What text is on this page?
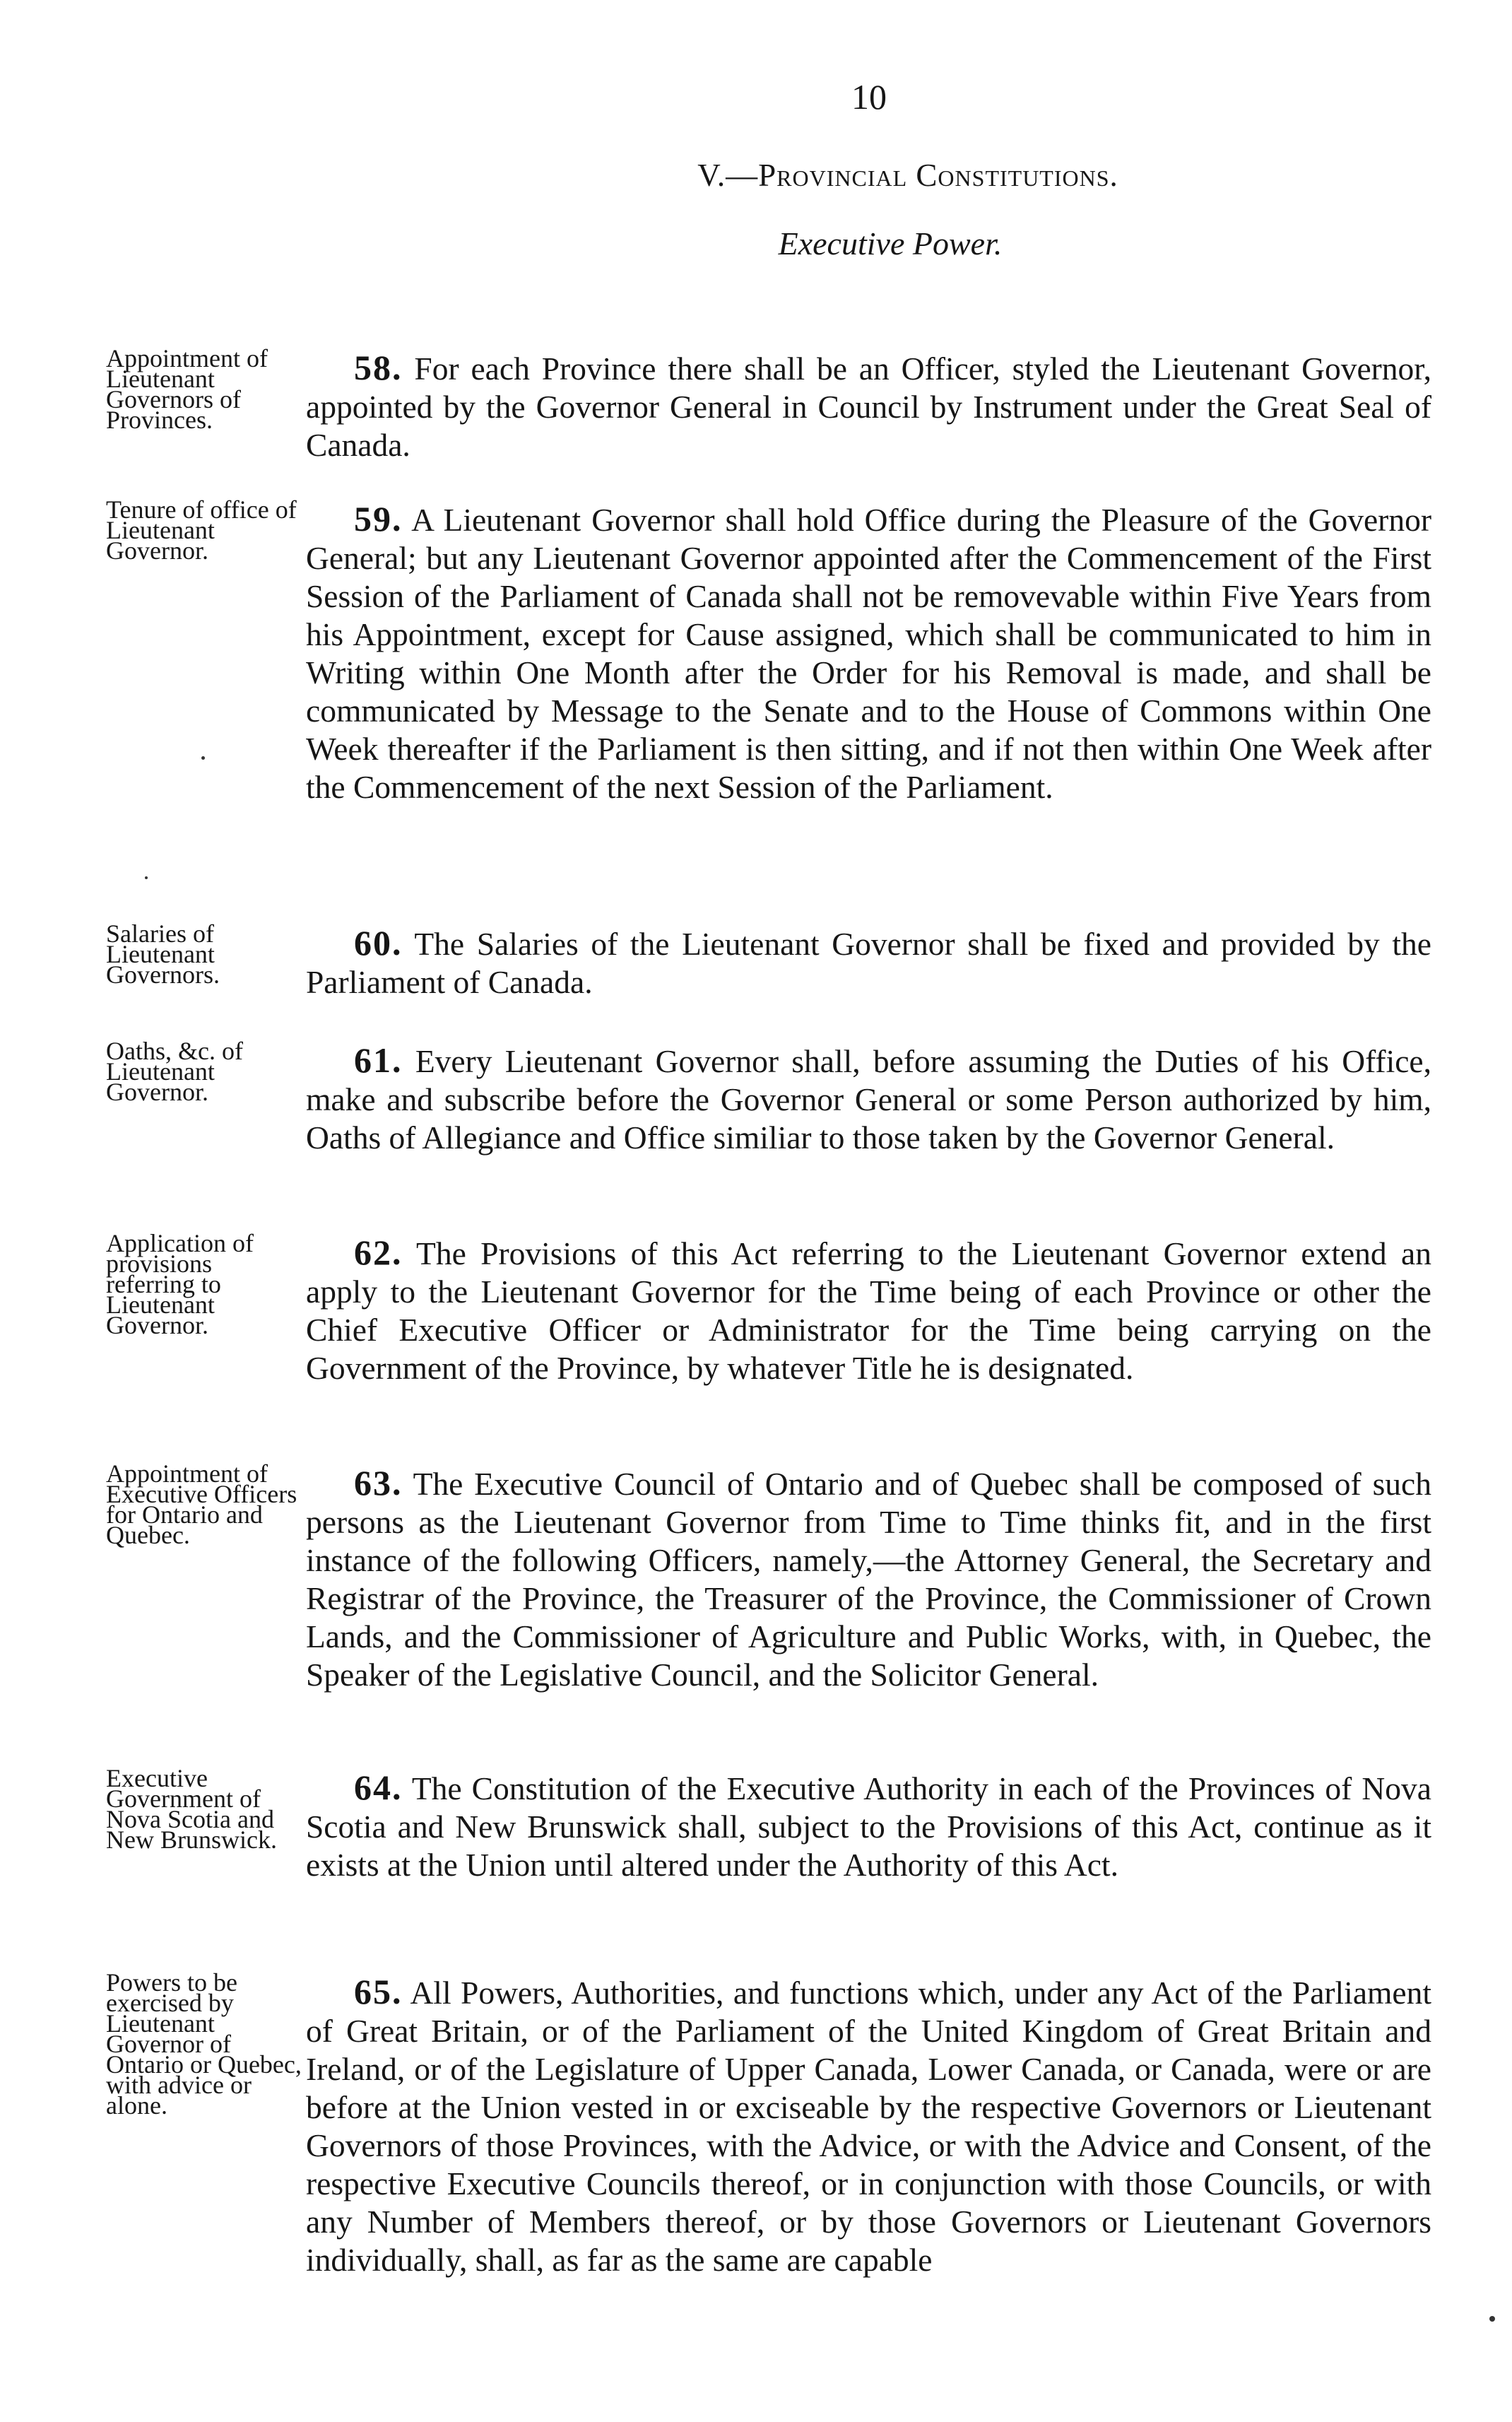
10
V.—Provincial Constitutions.
Executive Power.
Appointment of Lieutenant Governors of Provinces.
58. For each Province there shall be an Officer, styled the Lieutenant Governor, appointed by the Governor General in Council by Instrument under the Great Seal of Canada.
Tenure of office of Lieutenant Governor.
59. A Lieutenant Governor shall hold Office during the Pleasure of the Governor General; but any Lieutenant Governor appointed after the Commencement of the First Session of the Parliament of Canada shall not be removevable within Five Years from his Appointment, except for Cause assigned, which shall be communicated to him in Writing within One Month after the Order for his Removal is made, and shall be communicated by Message to the Senate and to the House of Commons within One Week thereafter if the Parliament is then sitting, and if not then within One Week after the Commencement of the next Session of the Parliament.
Salaries of Lieutenant Governors.
60. The Salaries of the Lieutenant Governor shall be fixed and provided by the Parliament of Canada.
Oaths, &c. of Lieutenant Governor.
61. Every Lieutenant Governor shall, before assuming the Duties of his Office, make and subscribe before the Governor General or some Person authorized by him, Oaths of Allegiance and Office similiar to those taken by the Governor General.
Application of provisions referring to Lieutenant Governor.
62. The Provisions of this Act referring to the Lieutenant Governor extend an apply to the Lieutenant Governor for the Time being of each Province or other the Chief Executive Officer or Administrator for the Time being carrying on the Government of the Province, by whatever Title he is designated.
Appointment of Executive Officers for Ontario and Quebec.
63. The Executive Council of Ontario and of Quebec shall be composed of such persons as the Lieutenant Governor from Time to Time thinks fit, and in the first instance of the following Officers, namely,—the Attorney General, the Secretary and Registrar of the Province, the Treasurer of the Province, the Commissioner of Crown Lands, and the Commissioner of Agriculture and Public Works, with, in Quebec, the Speaker of the Legislative Council, and the Solicitor General.
Executive Government of Nova Scotia and New Brunswick.
64. The Constitution of the Executive Authority in each of the Provinces of Nova Scotia and New Brunswick shall, subject to the Provisions of this Act, continue as it exists at the Union until altered under the Authority of this Act.
Powers to be exercised by Lieutenant Governor of Ontario or Quebec, with advice or alone.
65. All Powers, Authorities, and functions which, under any Act of the Parliament of Great Britain, or of the Parliament of the United Kingdom of Great Britain and Ireland, or of the Legislature of Upper Canada, Lower Canada, or Canada, were or are before at the Union vested in or exciseable by the respective Governors or Lieutenant Governors of those Provinces, with the Advice, or with the Advice and Consent, of the respective Executive Councils thereof, or in conjunction with those Councils, or with any Number of Members thereof, or by those Governors or Lieutenant Governors individually, shall, as far as the same are capable
